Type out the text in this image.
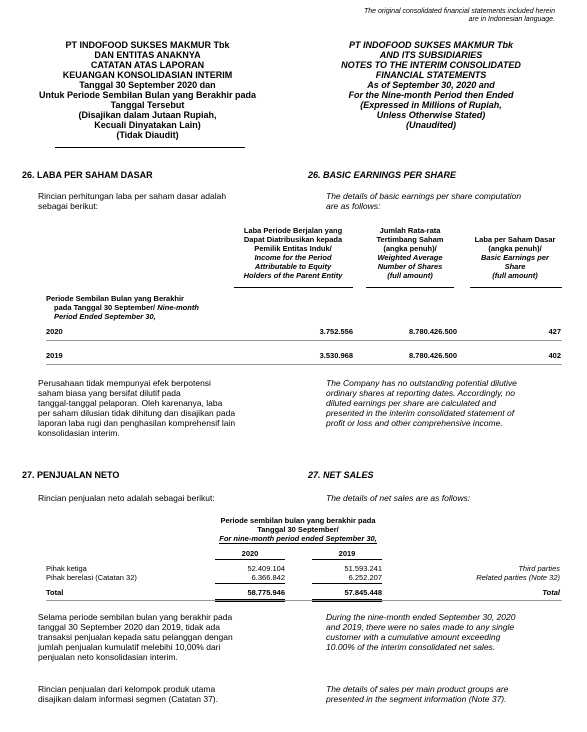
The original consolidated financial statements included herein
are in Indonesian language.
PT INDOFOOD SUKSES MAKMUR Tbk
DAN ENTITAS ANAKNYA
CATATAN ATAS LAPORAN
KEUANGAN KONSOLIDASIAN INTERIM
Tanggal 30 September 2020 dan
Untuk Periode Sembilan Bulan yang Berakhir pada
Tanggal Tersebut
(Disajikan dalam Jutaan Rupiah,
Kecuali Dinyatakan Lain)
(Tidak Diaudit)
PT INDOFOOD SUKSES MAKMUR Tbk
AND ITS SUBSIDIARIES
NOTES TO THE INTERIM CONSOLIDATED
FINANCIAL STATEMENTS
As of September 30, 2020 and
For the Nine-month Period then Ended
(Expressed in Millions of Rupiah,
Unless Otherwise Stated)
(Unaudited)
26. LABA PER SAHAM DASAR	26. BASIC EARNINGS PER SHARE
Rincian perhitungan laba per saham dasar adalah
sebagai berikut:
The details of basic earnings per share computation
are as follows:
Laba Periode Berjalan yang
Dapat Diatribusikan kepada
Pemilik Entitas Induk/
Income for the Period
Attributable to Equity
Holders of the Parent Entity
Jumlah Rata-rata
Tertimbang Saham
(angka penuh)/
Weighted Average
Number of Shares
(full amount)
Laba per Saham Dasar
(angka penuh)/
Basic Earnings per
Share
(full amount)
Periode Sembilan Bulan yang Berakhir
pada Tanggal 30 September/ Nine-month
Period Ended September 30,
2020	3.752.556	8.780.426.500	427
2019	3.530.968	8.780.426.500	402
Perusahaan tidak mempunyai efek berpotensi
saham biasa yang bersifat dilutif pada
tanggal-tanggal pelaporan. Oleh karenanya, laba
per saham dilusian tidak dihitung dan disajikan pada
laporan laba rugi dan penghasilan komprehensif lain
konsolidasian interim.
The Company has no outstanding potential dilutive
ordinary shares at reporting dates. Accordingly, no
diluted earnings per share are calculated and
presented in the interim consolidated statement of
profit or loss and other comprehensive income.
27. PENJUALAN NETO	27. NET SALES
Rincian penjualan neto adalah sebagai berikut:	The details of net sales are as follows:
Periode sembilan bulan yang berakhir pada
Tanggal 30 September/
For nine-month period ended September 30,
2020	2019
Pihak ketiga	52.409.104	51.593.241	Third parties
Pihak berelasi (Catatan 32)	6.366.842	6.252.207	Related parties (Note 32)
Total	58.775.946	57.845.448	Total
Selama periode sembilan bulan yang berakhir pada
tanggal 30 September 2020 dan 2019, tidak ada
transaksi penjualan kepada satu pelanggan dengan
jumlah penjualan kumulatif melebihi 10,00% dari
penjualan neto konsolidasian interim.
During the nine-month ended September 30, 2020
and 2019, there were no sales made to any single
customer with a cumulative amount exceeding
10.00% of the interim consolidated net sales.
Rincian penjualan dari kelompok produk utama
disajikan dalam informasi segmen (Catatan 37).
The details of sales per main product groups are
presented in the segment information (Note 37).
